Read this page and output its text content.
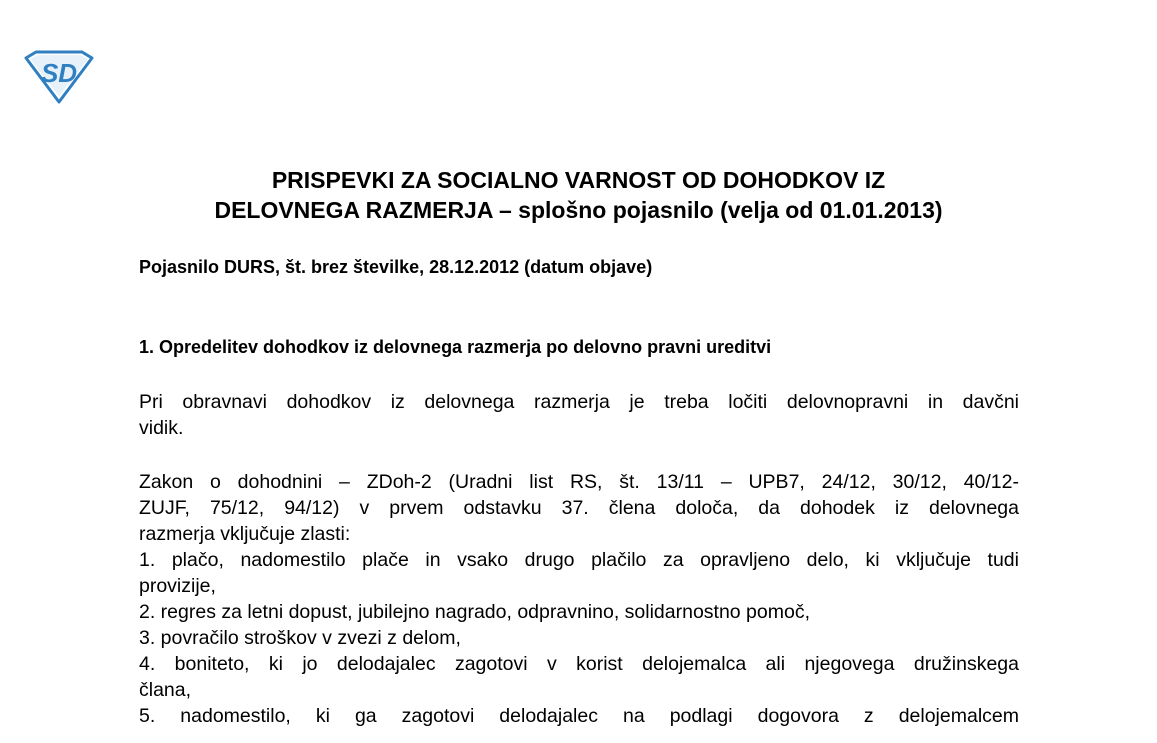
SD
PRISPEVKI ZA SOCIALNO VARNOST OD DOHODKOV IZ
DELOVNEGA RAZMERJA – splošno pojasnilo (velja od 01.01.2013)
Pojasnilo DURS, št. brez številke, 28.12.2012 (datum objave)
1. Opredelitev dohodkov iz delovnega razmerja po delovno pravni ureditvi
Pri obravnavi dohodkov iz delovnega razmerja je treba ločiti delovnopravni in davčni
vidik.
Zakon o dohodnini – ZDoh-2 (Uradni list RS, št. 13/11 – UPB7, 24/12, 30/12, 40/12-
ZUJF, 75/12, 94/12) v prvem odstavku 37. člena določa, da dohodek iz delovnega
razmerja vključuje zlasti:
1. plačo, nadomestilo plače in vsako drugo plačilo za opravljeno delo, ki vključuje tudi
provizije,
2. regres za letni dopust, jubilejno nagrado, odpravnino, solidarnostno pomoč,
3. povračilo stroškov v zvezi z delom,
4. boniteto, ki jo delodajalec zagotovi v korist delojemalca ali njegovega družinskega
člana,
5. nadomestilo, ki ga zagotovi delodajalec na podlagi dogovora z delojemalcem
